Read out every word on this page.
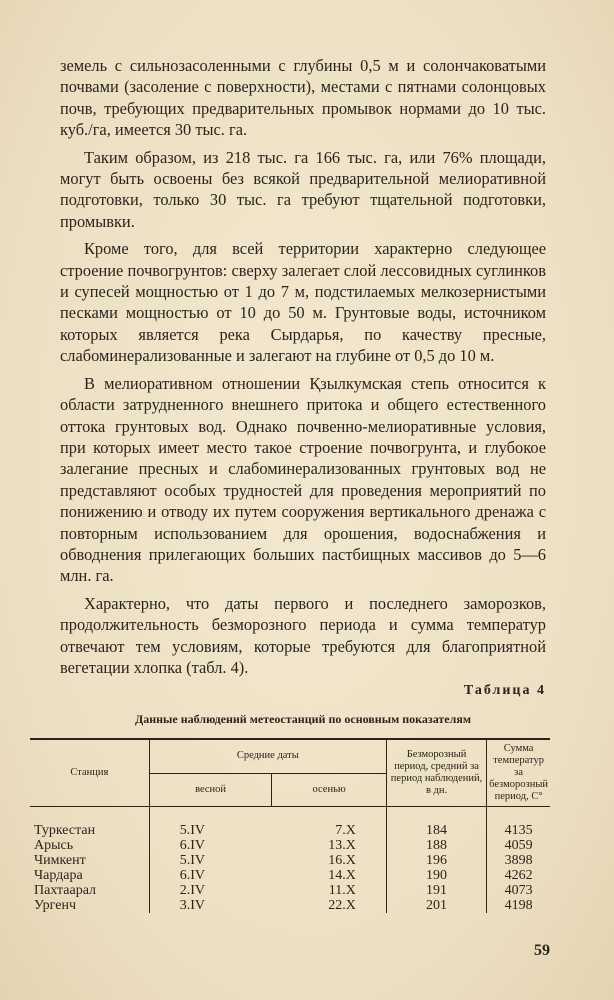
земель с сильнозасоленными с глубины 0,5 м и солончаковатыми почвами (засоление с поверхности), местами с пятнами солонцовых почв, требующих предварительных промывок нормами до 10 тыс. куб./га, имеется 30 тыс. га.

Таким образом, из 218 тыс. га 166 тыс. га, или 76% площади, могут быть освоены без всякой предварительной мелиоративной подготовки, только 30 тыс. га требуют тщательной подготовки, промывки.

Кроме того, для всей территории характерно следующее строение почвогрунтов: сверху залегает слой лессовидных суглинков и супесей мощностью от 1 до 7 м, подстилаемых мелкозернистыми песками мощностью от 10 до 50 м. Грунтовые воды, источником которых является река Сырдарья, по качеству пресные, слабоминерализованные и залегают на глубине от 0,5 до 10 м.

В мелиоративном отношении Қзылкумская степь относится к области затрудненного внешнего притока и общего естественного оттока грунтовых вод. Однако почвенно-мелиоративные условия, при которых имеет место такое строение почвогрунта, и глубокое залегание пресных и слабоминерализованных грунтовых вод не представляют особых трудностей для проведения мероприятий по понижению и отводу их путем сооружения вертикального дренажа с повторным использованием для орошения, водоснабжения и обводнения прилегающих больших пастбищных массивов до 5—6 млн. га.

Характерно, что даты первого и последнего заморозков, продолжительность безморозного периода и сумма температур отвечают тем условиям, которые требуются для благоприятной вегетации хлопка (табл. 4).

Таблица 4
Данные наблюдений метеостанций по основным показателям
Станция	Средние даты		Безморозный период, средний за период наблюдений, в дн.	Сумма температур за безморозный период, С°
	весной	осенью		
Туркестан	5.IV	7.X	184	4135
Арысь	6.IV	13.X	188	4059
Чимкент	5.IV	16.X	196	3898
Чардара	6.IV	14.X	190	4262
Пахтаарал	2.IV	11.X	191	4073
Ургенч	3.IV	22.X	201	4198
59
